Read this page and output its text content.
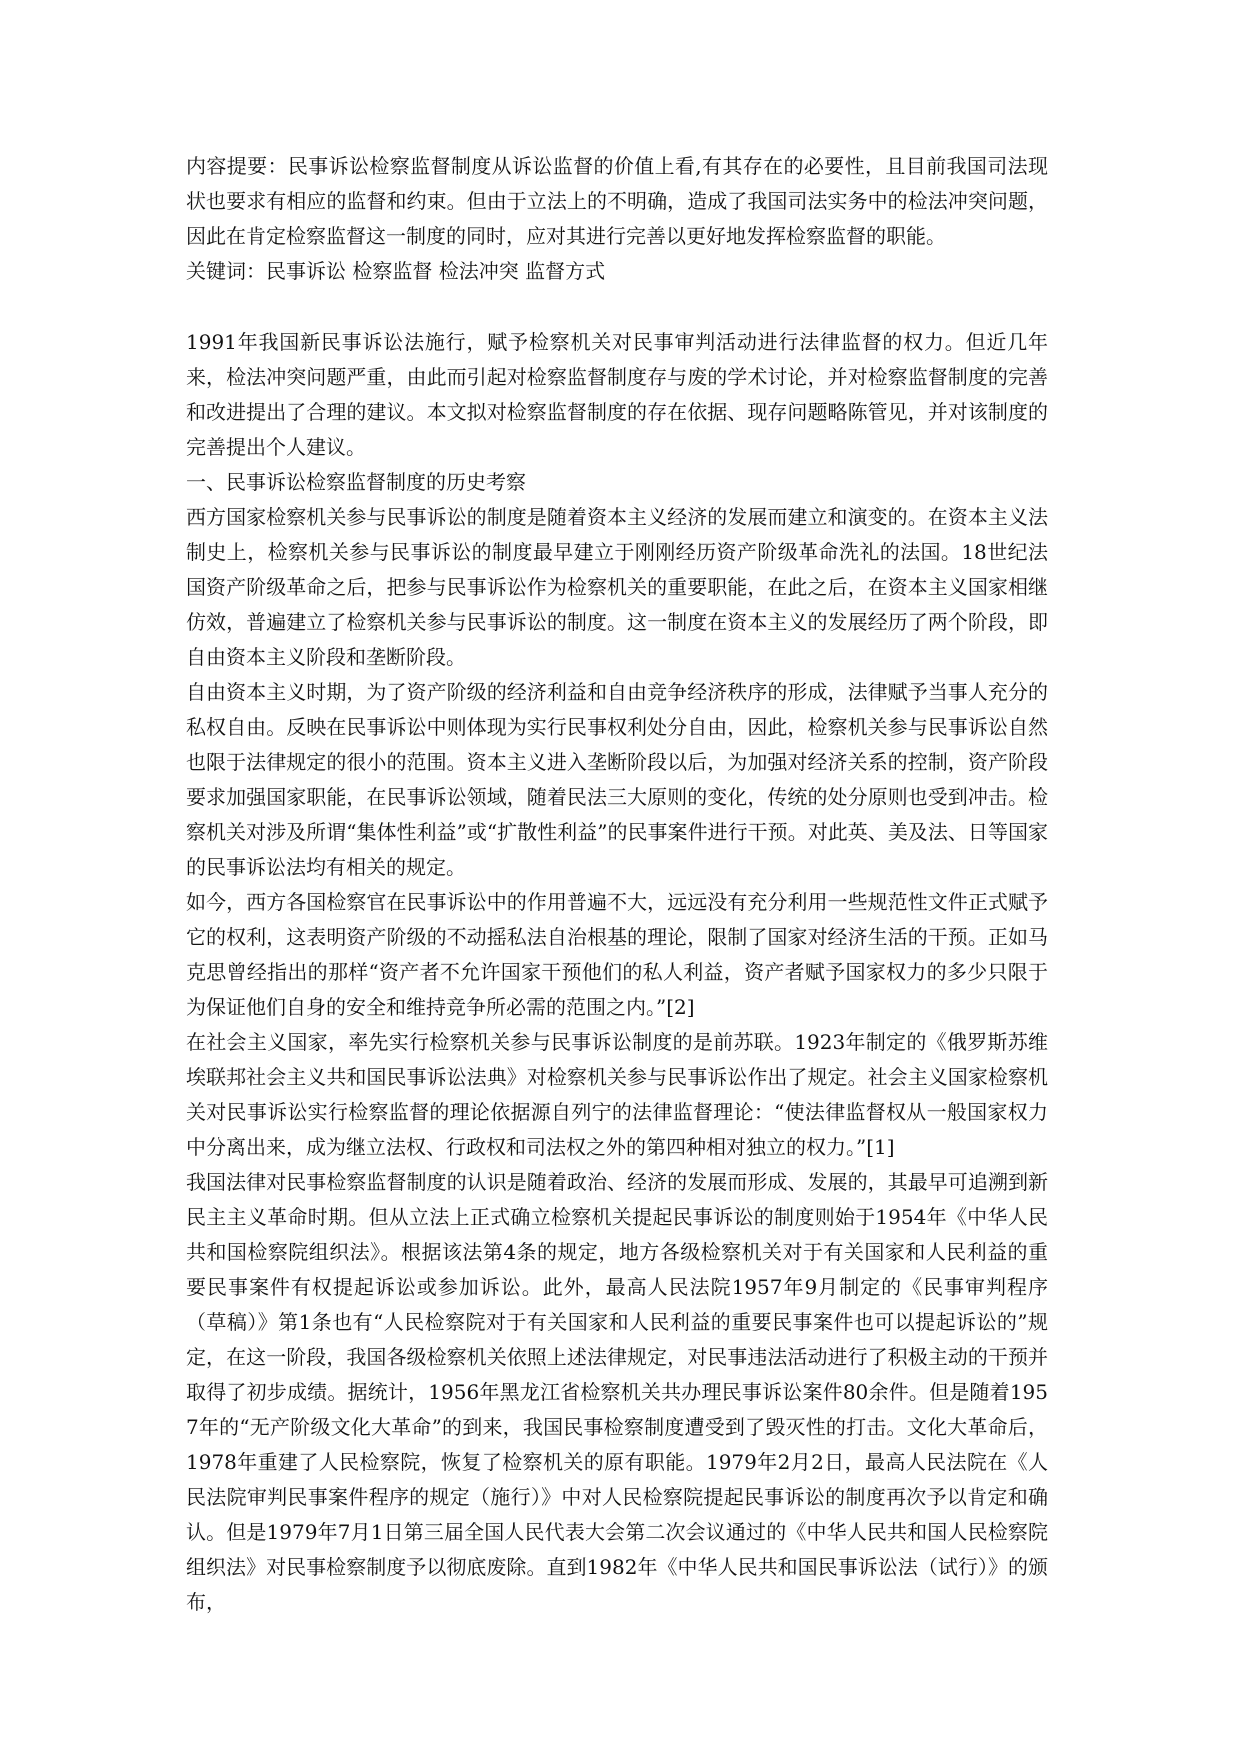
内容提要：民事诉讼检察监督制度从诉讼监督的价值上看,有其存在的必要性，且目前我国司法现状也要求有相应的监督和约束。但由于立法上的不明确，造成了我国司法实务中的检法冲突问题，因此在肯定检察监督这一制度的同时，应对其进行完善以更好地发挥检察监督的职能。

关键词：民事诉讼 检察监督 检法冲突 监督方式

1991年我国新民事诉讼法施行，赋予检察机关对民事审判活动进行法律监督的权力。但近几年来，检法冲突问题严重，由此而引起对检察监督制度存与废的学术讨论，并对检察监督制度的完善和改进提出了合理的建议。本文拟对检察监督制度的存在依据、现存问题略陈管见，并对该制度的完善提出个人建议。

一、民事诉讼检察监督制度的历史考察

西方国家检察机关参与民事诉讼的制度是随着资本主义经济的发展而建立和演变的。在资本主义法制史上，检察机关参与民事诉讼的制度最早建立于刚刚经历资产阶级革命洗礼的法国。18世纪法国资产阶级革命之后，把参与民事诉讼作为检察机关的重要职能，在此之后，在资本主义国家相继仿效，普遍建立了检察机关参与民事诉讼的制度。这一制度在资本主义的发展经历了两个阶段，即自由资本主义阶段和垄断阶段。

自由资本主义时期，为了资产阶级的经济利益和自由竞争经济秩序的形成，法律赋予当事人充分的私权自由。反映在民事诉讼中则体现为实行民事权利处分自由，因此，检察机关参与民事诉讼自然也限于法律规定的很小的范围。资本主义进入垄断阶段以后，为加强对经济关系的控制，资产阶段要求加强国家职能，在民事诉讼领域，随着民法三大原则的变化，传统的处分原则也受到冲击。检察机关对涉及所谓“集体性利益”或“扩散性利益”的民事案件进行干预。对此英、美及法、日等国家的民事诉讼法均有相关的规定。

如今，西方各国检察官在民事诉讼中的作用普遍不大，远远没有充分利用一些规范性文件正式赋予它的权利，这表明资产阶级的不动摇私法自治根基的理论，限制了国家对经济生活的干预。正如马克思曾经指出的那样“资产者不允许国家干预他们的私人利益，资产者赋予国家权力的多少只限于为保证他们自身的安全和维持竞争所必需的范围之内。”[2]

在社会主义国家，率先实行检察机关参与民事诉讼制度的是前苏联。1923年制定的《俄罗斯苏维埃联邦社会主义共和国民事诉讼法典》对检察机关参与民事诉讼作出了规定。社会主义国家检察机关对民事诉讼实行检察监督的理论依据源自列宁的法律监督理论：“使法律监督权从一般国家权力中分离出来，成为继立法权、行政权和司法权之外的第四种相对独立的权力。”[1]

我国法律对民事检察监督制度的认识是随着政治、经济的发展而形成、发展的，其最早可追溯到新民主主义革命时期。但从立法上正式确立检察机关提起民事诉讼的制度则始于1954年《中华人民共和国检察院组织法》。根据该法第4条的规定，地方各级检察机关对于有关国家和人民利益的重要民事案件有权提起诉讼或参加诉讼。此外，最高人民法院1957年9月制定的《民事审判程序（草稿）》第1条也有“人民检察院对于有关国家和人民利益的重要民事案件也可以提起诉讼的”规定，在这一阶段，我国各级检察机关依照上述法律规定，对民事违法活动进行了积极主动的干预并取得了初步成绩。据统计，1956年黑龙江省检察机关共办理民事诉讼案件80余件。但是随着1957年的“无产阶级文化大革命”的到来，我国民事检察制度遭受到了毁灭性的打击。文化大革命后，1978年重建了人民检察院，恢复了检察机关的原有职能。1979年2月2日，最高人民法院在《人民法院审判民事案件程序的规定（施行）》中对人民检察院提起民事诉讼的制度再次予以肯定和确认。但是1979年7月1日第三届全国人民代表大会第二次会议通过的《中华人民共和国人民检察院组织法》对民事检察制度予以彻底废除。直到1982年《中华人民共和国民事诉讼法（试行）》的颁布，
